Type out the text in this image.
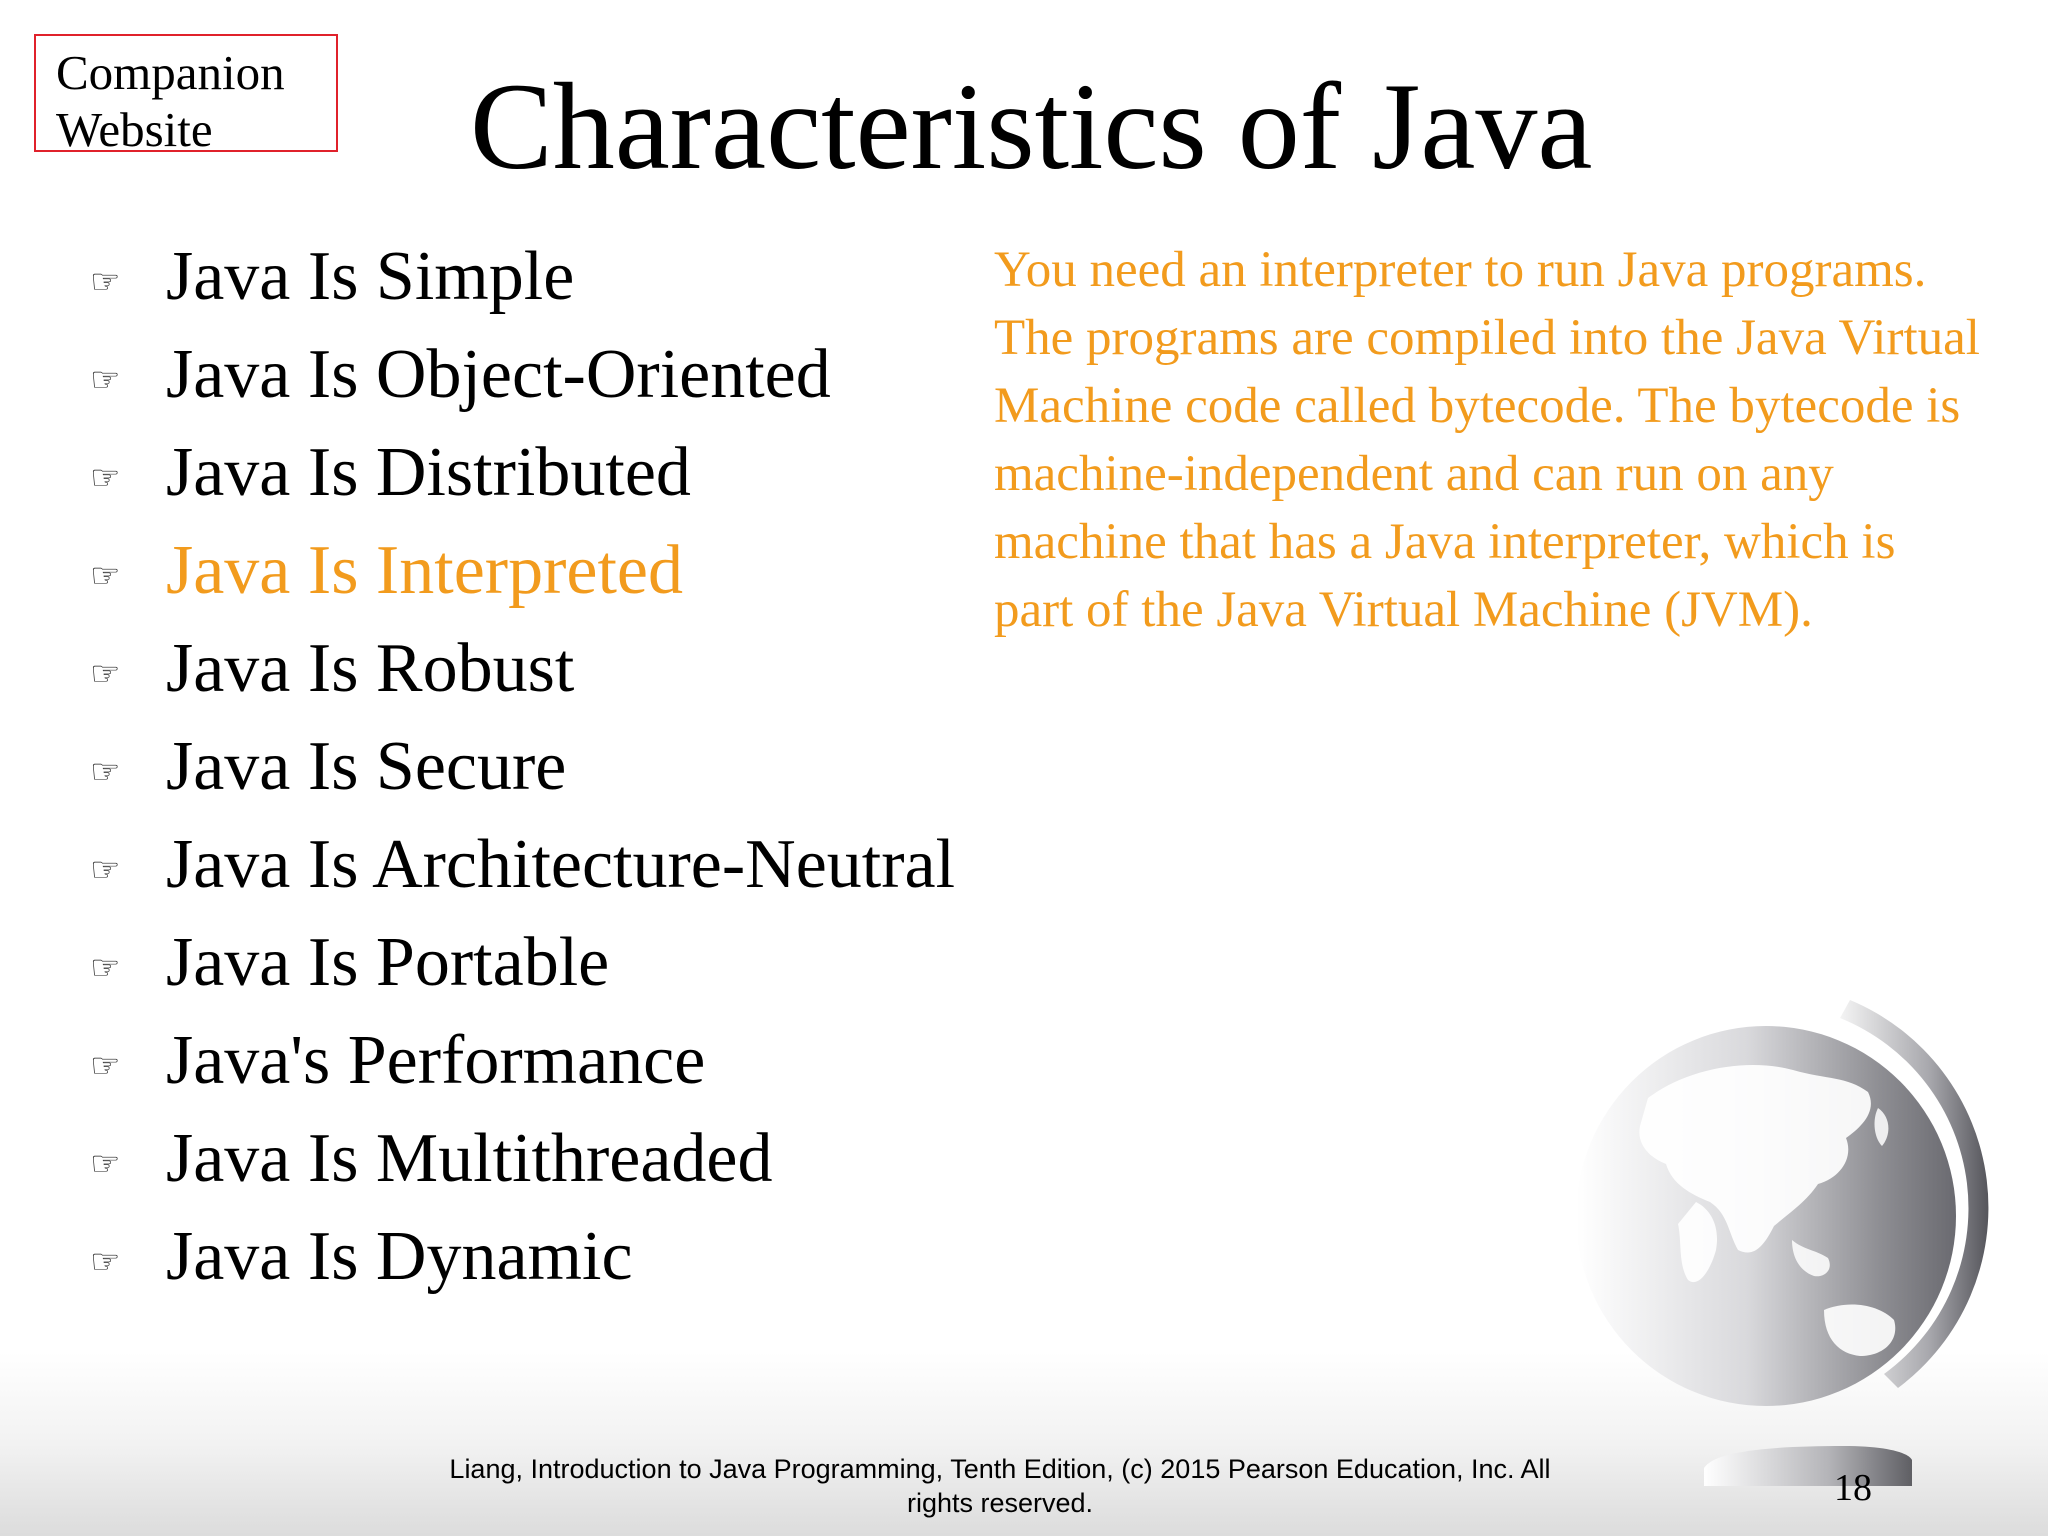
Companion
Website	Characteristics of Java
☞ Java Is Simple
☞ Java Is Object-Oriented
☞ Java Is Distributed
☞ Java Is Interpreted
☞ Java Is Robust
☞ Java Is Secure
☞ Java Is Architecture-Neutral
☞ Java Is Portable
☞ Java's Performance
☞ Java Is Multithreaded
☞ Java Is Dynamic

You need an interpreter to run Java programs. The programs are compiled into the Java Virtual Machine code called bytecode. The bytecode is machine-independent and can run on any machine that has a Java interpreter, which is part of the Java Virtual Machine (JVM).

Liang, Introduction to Java Programming, Tenth Edition, (c) 2015 Pearson Education, Inc. All
rights reserved.	18
